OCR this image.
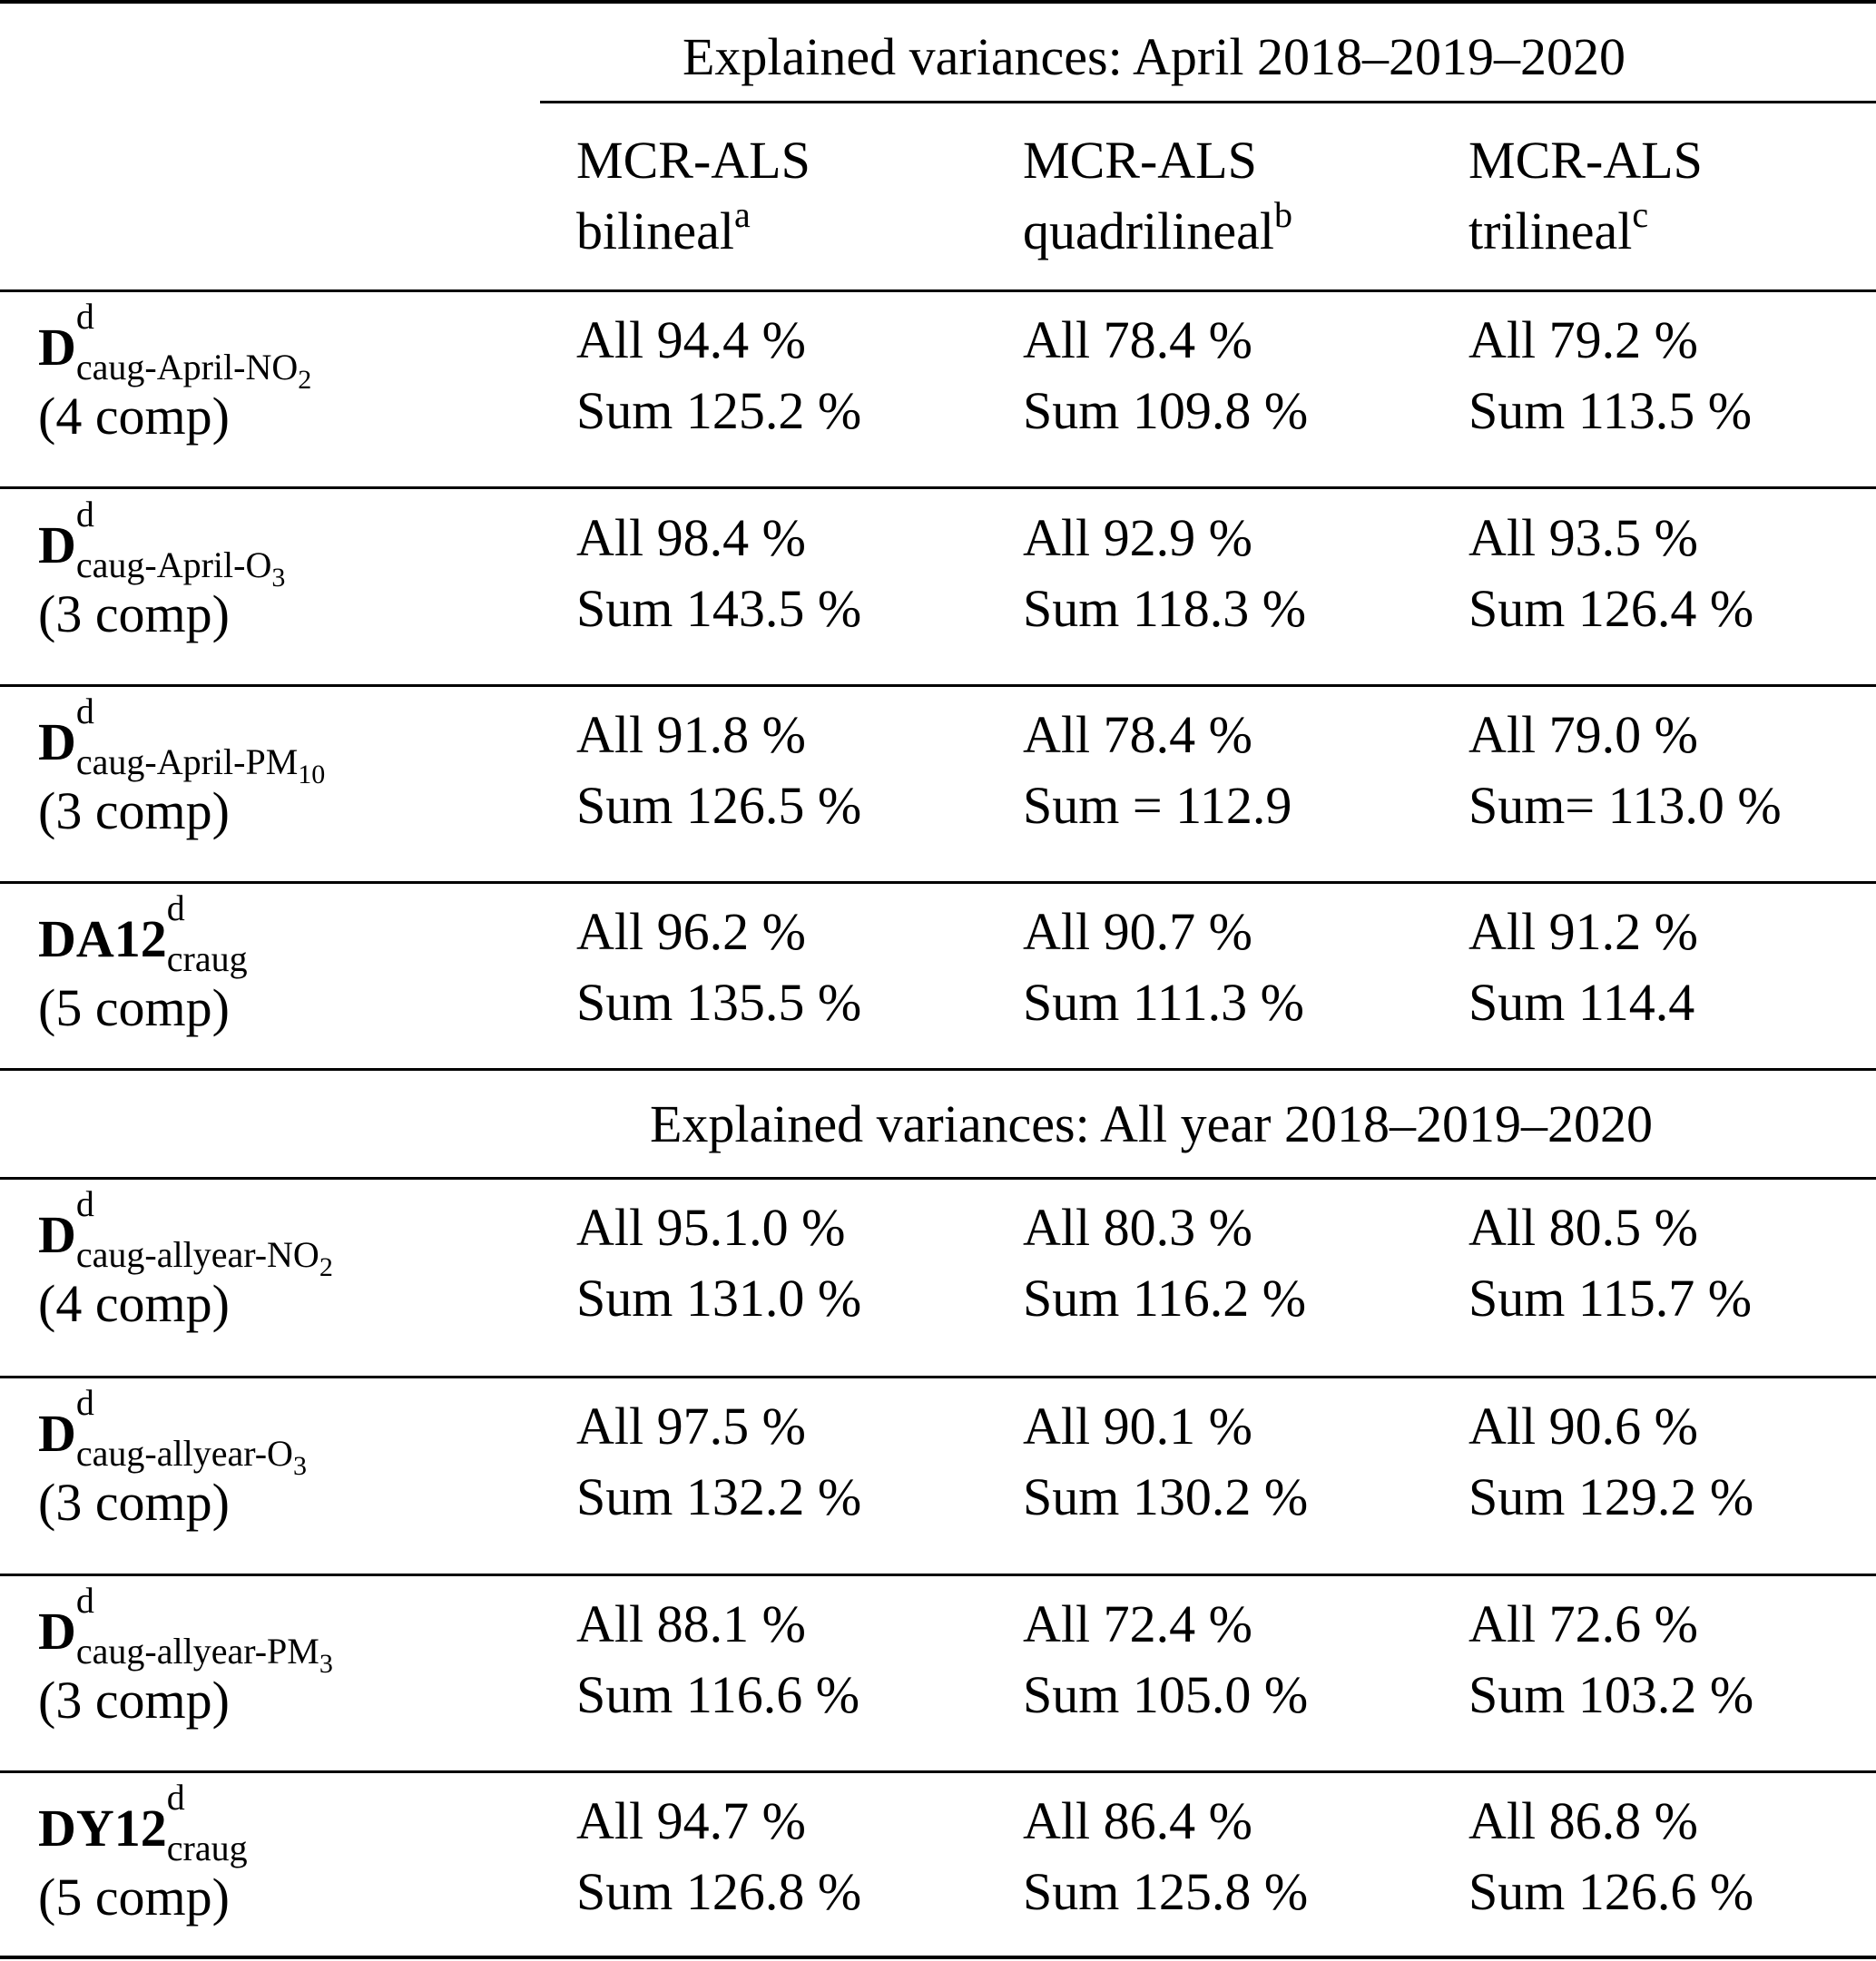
Explained variances: April 2018–2019–2020
Explained variances: All year 2018–2019–2020
MCR-ALS
bilineal$^a$
MCR-ALS
quadrilineal$^b$
MCR-ALS
trilineal$^c$
D
d
$_{caug-April-NO_2}$
(4 comp)
All 94.4 %
Sum 125.2 %
All 78.4 %
Sum 109.8 %
All 79.2 %
Sum 113.5 %
D
d
$_{caug-April-O_3}$
(3 comp)
All 98.4 %
Sum 143.5 %
All 92.9 %
Sum 118.3 %
All 93.5 %
Sum 126.4 %
D
d
$_{caug-April-PM_{10}}$
(3 comp)
All 91.8 %
Sum 126.5 %
All 78.4 %
Sum = 112.9
All 79.0 %
Sum= 113.0 %
DA12
d
$_{craug}$
(5 comp)
All 96.2 %
Sum 135.5 %
All 90.7 %
Sum 111.3 %
All 91.2 %
Sum 114.4
D
d
$_{caug-allyear-NO_2}$
(4 comp)
All 95.1.0 %
Sum 131.0 %
All 80.3 %
Sum 116.2 %
All 80.5 %
Sum 115.7 %
D
d
$_{caug-allyear-O_3}$
(3 comp)
All 97.5 %
Sum 132.2 %
All 90.1 %
Sum 130.2 %
All 90.6 %
Sum 129.2 %
D
d
$_{caug-allyear-PM_3}$
(3 comp)
All 88.1 %
Sum 116.6 %
All 72.4 %
Sum 105.0 %
All 72.6 %
Sum 103.2 %
DY12
d
$_{craug}$
(5 comp)
All 94.7 %
Sum 126.8 %
All 86.4 %
Sum 125.8 %
All 86.8 %
Sum 126.6 %
